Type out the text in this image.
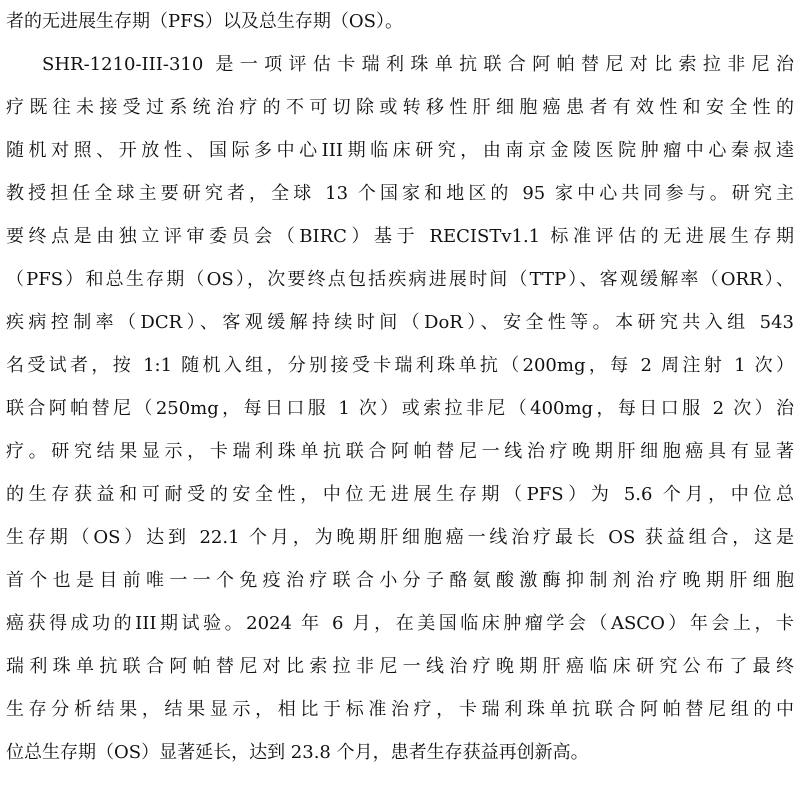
者的无进展生存期（PFS）以及总生存期（OS）。
SHR-1210-III-310 是一项评估卡瑞利珠单抗联合阿帕替尼对比索拉非尼治
疗既往未接受过系统治疗的不可切除或转移性肝细胞癌患者有效性和安全性的
随机对照、开放性、国际多中心III期临床研究，由南京金陵医院肿瘤中心秦叔逵
教授担任全球主要研究者，全球 13 个国家和地区的 95 家中心共同参与。研究主
要终点是由独立评审委员会（BIRC）基于 RECISTv1.1 标准评估的无进展生存期
（PFS）和总生存期（OS），次要终点包括疾病进展时间（TTP）、客观缓解率（ORR）、
疾病控制率（DCR）、客观缓解持续时间（DoR）、安全性等。本研究共入组 543
名受试者，按 1:1 随机入组，分别接受卡瑞利珠单抗（200mg，每 2 周注射 1 次）
联合阿帕替尼（250mg，每日口服 1 次）或索拉非尼（400mg，每日口服 2 次）治
疗。研究结果显示，卡瑞利珠单抗联合阿帕替尼一线治疗晚期肝细胞癌具有显著
的生存获益和可耐受的安全性，中位无进展生存期（PFS）为 5.6 个月，中位总
生存期（OS）达到 22.1 个月，为晚期肝细胞癌一线治疗最长 OS 获益组合，这是
首个也是目前唯一一个免疫治疗联合小分子酪氨酸激酶抑制剂治疗晚期肝细胞
癌获得成功的III期试验。2024 年 6 月，在美国临床肿瘤学会（ASCO）年会上，卡
瑞利珠单抗联合阿帕替尼对比索拉非尼一线治疗晚期肝癌临床研究公布了最终
生存分析结果，结果显示，相比于标准治疗，卡瑞利珠单抗联合阿帕替尼组的中
位总生存期（OS）显著延长，达到 23.8 个月，患者生存获益再创新高。
